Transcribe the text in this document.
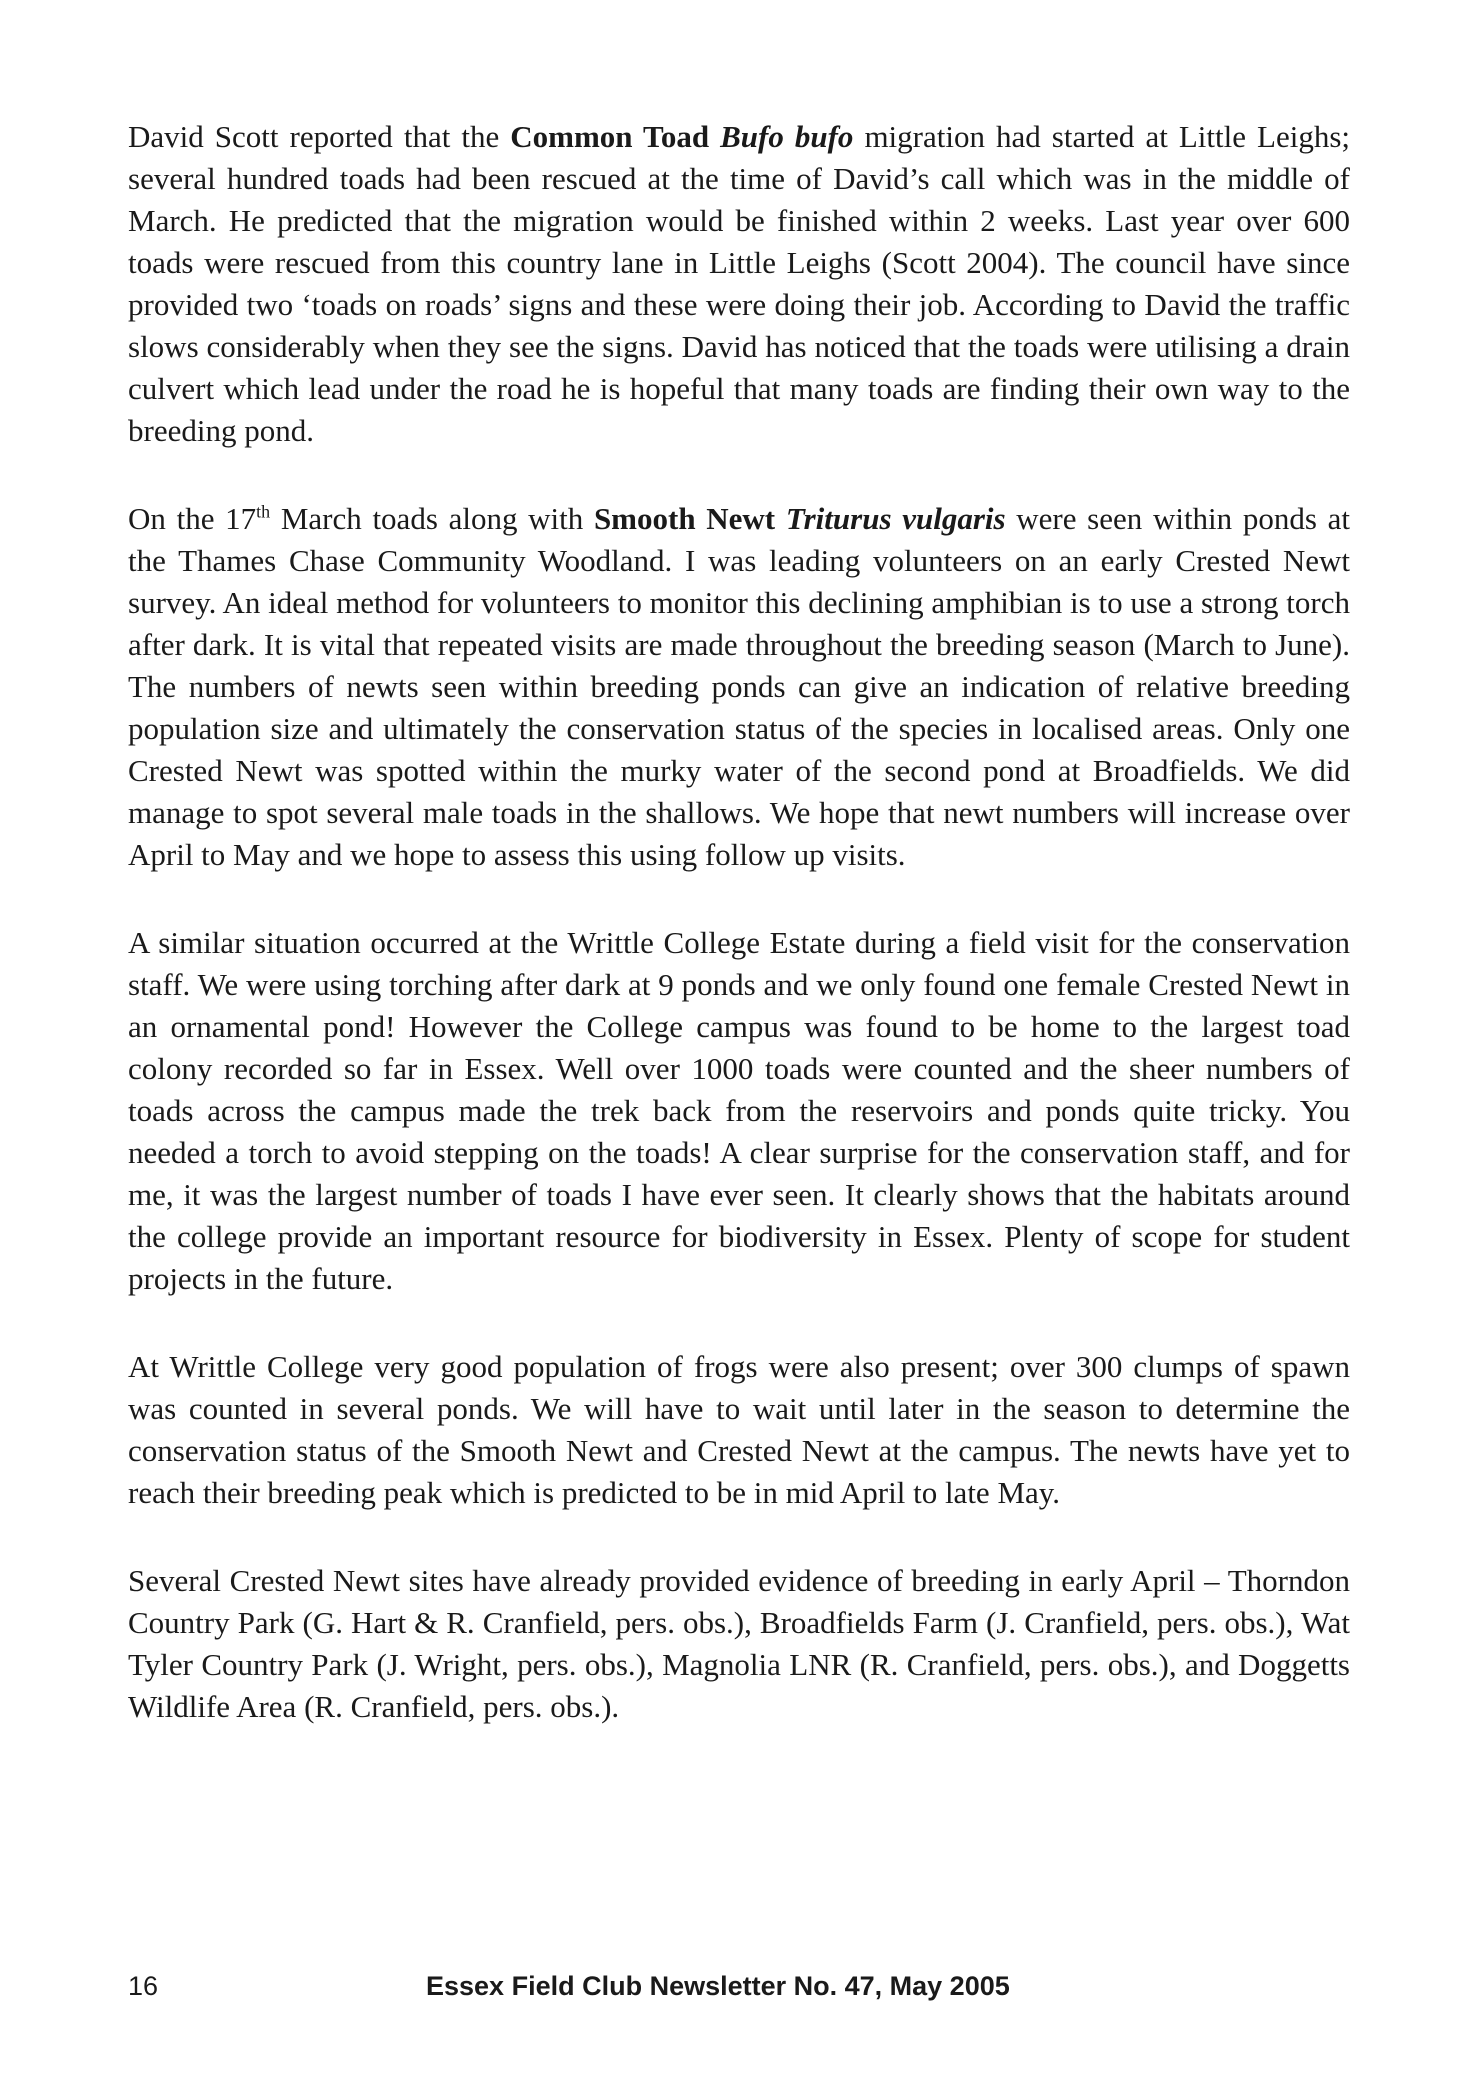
David Scott reported that the Common Toad Bufo bufo migration had started at Little Leighs; several hundred toads had been rescued at the time of David’s call which was in the middle of March. He predicted that the migration would be finished within 2 weeks. Last year over 600 toads were rescued from this country lane in Little Leighs (Scott 2004). The council have since provided two ‘toads on roads’ signs and these were doing their job. According to David the traffic slows considerably when they see the signs. David has noticed that the toads were utilising a drain culvert which lead under the road he is hopeful that many toads are finding their own way to the breeding pond.

On the 17th March toads along with Smooth Newt Triturus vulgaris were seen within ponds at the Thames Chase Community Woodland. I was leading volunteers on an early Crested Newt survey. An ideal method for volunteers to monitor this declining amphibian is to use a strong torch after dark. It is vital that repeated visits are made throughout the breeding season (March to June). The numbers of newts seen within breeding ponds can give an indication of relative breeding population size and ultimately the conservation status of the species in localised areas. Only one Crested Newt was spotted within the murky water of the second pond at Broadfields. We did manage to spot several male toads in the shallows. We hope that newt numbers will increase over April to May and we hope to assess this using follow up visits.

A similar situation occurred at the Writtle College Estate during a field visit for the conservation staff. We were using torching after dark at 9 ponds and we only found one female Crested Newt in an ornamental pond! However the College campus was found to be home to the largest toad colony recorded so far in Essex. Well over 1000 toads were counted and the sheer numbers of toads across the campus made the trek back from the reservoirs and ponds quite tricky. You needed a torch to avoid stepping on the toads! A clear surprise for the conservation staff, and for me, it was the largest number of toads I have ever seen. It clearly shows that the habitats around the college provide an important resource for biodiversity in Essex. Plenty of scope for student projects in the future.

At Writtle College very good population of frogs were also present; over 300 clumps of spawn was counted in several ponds. We will have to wait until later in the season to determine the conservation status of the Smooth Newt and Crested Newt at the campus. The newts have yet to reach their breeding peak which is predicted to be in mid April to late May.

Several Crested Newt sites have already provided evidence of breeding in early April – Thorndon Country Park (G. Hart & R. Cranfield, pers. obs.), Broadfields Farm (J. Cranfield, pers. obs.), Wat Tyler Country Park (J. Wright, pers. obs.), Magnolia LNR (R. Cranfield, pers. obs.), and Doggetts Wildlife Area (R. Cranfield, pers. obs.).

16	Essex Field Club Newsletter No. 47, May 2005
